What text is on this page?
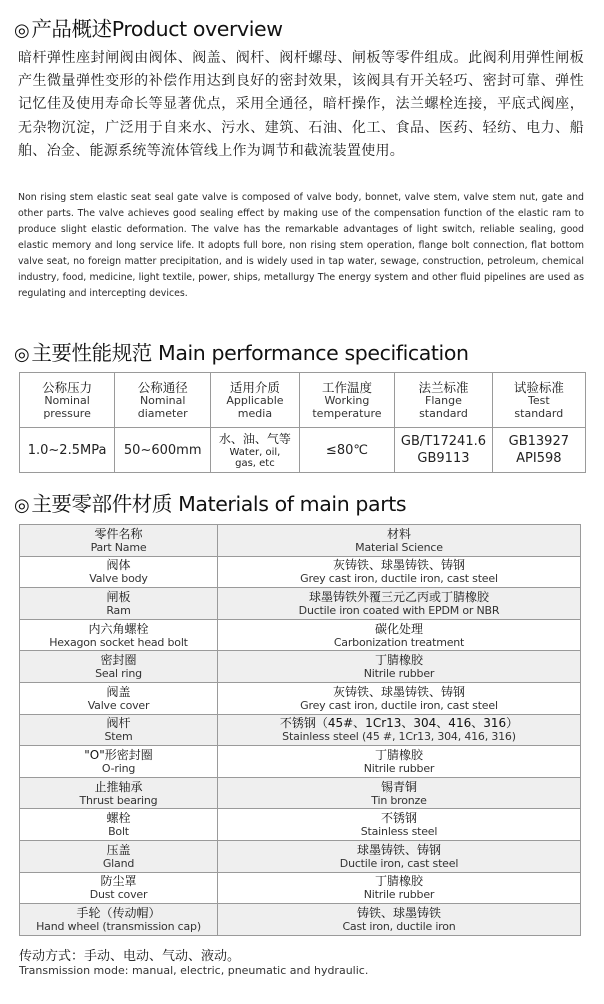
◎产品概述Product overview
暗杆弹性座封闸阀由阀体、阀盖、阀杆、阀杆螺母、闸板等零件组成。此阀利用弹性闸板产生微量弹性变形的补偿作用达到良好的密封效果，该阀具有开关轻巧、密封可靠、弹性记忆佳及使用寿命长等显著优点，采用全通径，暗杆操作，法兰螺栓连接，平底式阀座，无杂物沉淀，广泛用于自来水、污水、建筑、石油、化工、食品、医药、轻纺、电力、船舶、冶金、能源系统等流体管线上作为调节和截流装置使用。
Non rising stem elastic seat seal gate valve is composed of valve body, bonnet, valve stem, valve stem nut, gate and other parts. The valve achieves good sealing effect by making use of the compensation function of the elastic ram to produce slight elastic deformation. The valve has the remarkable advantages of light switch, reliable sealing, good elastic memory and long service life. It adopts full bore, non rising stem operation, flange bolt connection, flat bottom valve seat, no foreign matter precipitation, and is widely used in tap water, sewage, construction, petroleum, chemical industry, food, medicine, light textile, power, ships, metallurgy The energy system and other fluid pipelines are used as regulating and intercepting devices.
◎主要性能规范 Main performance specification
公称压力
Nominal
pressure	公称通径
Nominal
diameter	适用介质
Applicable
media	工作温度
Working
temperature	法兰标准
Flange
standard	试验标准
Test
standard

1.0~2.5MPa	50~600mm	水、油、气等
Water, oil,
gas, etc	≤80℃	GB/T17241.6
GB9113	GB13927
API598
◎主要零部件材质 Materials of main parts
零件名称
Part Name	材料
Material Science

阀体
Valve body	灰铸铁、球墨铸铁、铸钢
Grey cast iron, ductile iron, cast steel

闸板
Ram	球墨铸铁外覆三元乙丙或丁腈橡胶
Ductile iron coated with EPDM or NBR

内六角螺栓
Hexagon socket head bolt	碳化处理
Carbonization treatment

密封圈
Seal ring	丁腈橡胶
Nitrile rubber

阀盖
Valve cover	灰铸铁、球墨铸铁、铸钢
Grey cast iron, ductile iron, cast steel

阀杆
Stem	不锈钢（45#、1Cr13、304、416、316）
Stainless steel (45 #, 1Cr13, 304, 416, 316)

"O"形密封圈
O-ring	丁腈橡胶
Nitrile rubber

止推轴承
Thrust bearing	锡青铜
Tin bronze

螺栓
Bolt	不锈钢
Stainless steel

压盖
Gland	球墨铸铁、铸钢
Ductile iron, cast steel

防尘罩
Dust cover	丁腈橡胶
Nitrile rubber

手轮（传动帽）
Hand wheel (transmission cap)	铸铁、球墨铸铁
Cast iron, ductile iron
传动方式：手动、电动、气动、液动。
Transmission mode: manual, electric, pneumatic and hydraulic.
